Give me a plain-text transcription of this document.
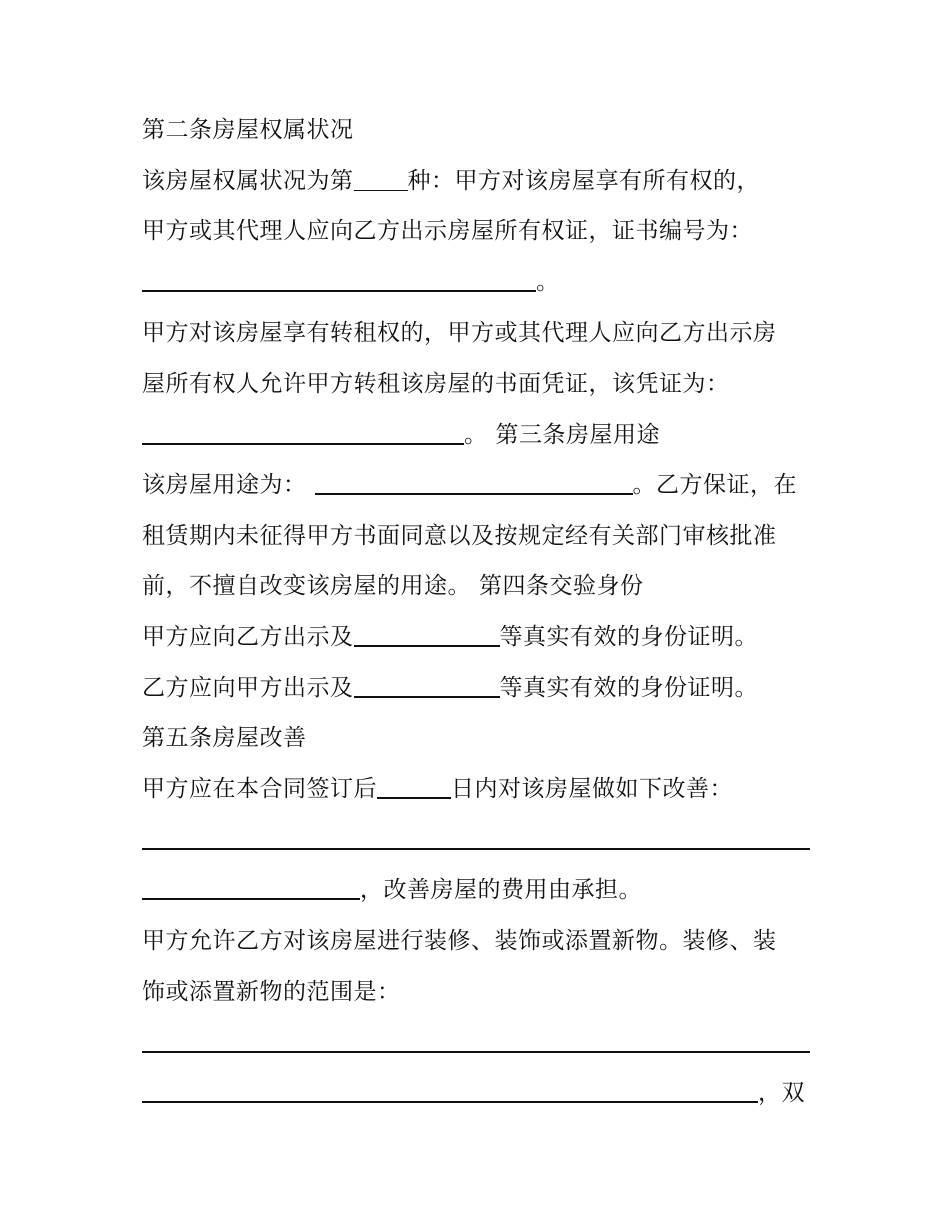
第二条房屋权属状况
该房屋权属状况为第 种：甲方对该房屋享有所有权的，
甲方或其代理人应向乙方出示房屋所有权证，证书编号为：
。
甲方对该房屋享有转租权的，甲方或其代理人应向乙方出示房
屋所有权人允许甲方转租该房屋的书面凭证，该凭证为：
。 第三条房屋用途
该房屋用途为：	。乙方保证，在
租赁期内未征得甲方书面同意以及按规定经有关部门审核批准
前，不擅自改变该房屋的用途。 第四条交验身份
甲方应向乙方出示及	等真实有效的身份证明。
乙方应向甲方出示及	等真实有效的身份证明。
第五条房屋改善
甲方应在本合同签订后	日内对该房屋做如下改善：
，改善房屋的费用由承担。
甲方允许乙方对该房屋进行装修、装饰或添置新物。装修、装
饰或添置新物的范围是：
，双
